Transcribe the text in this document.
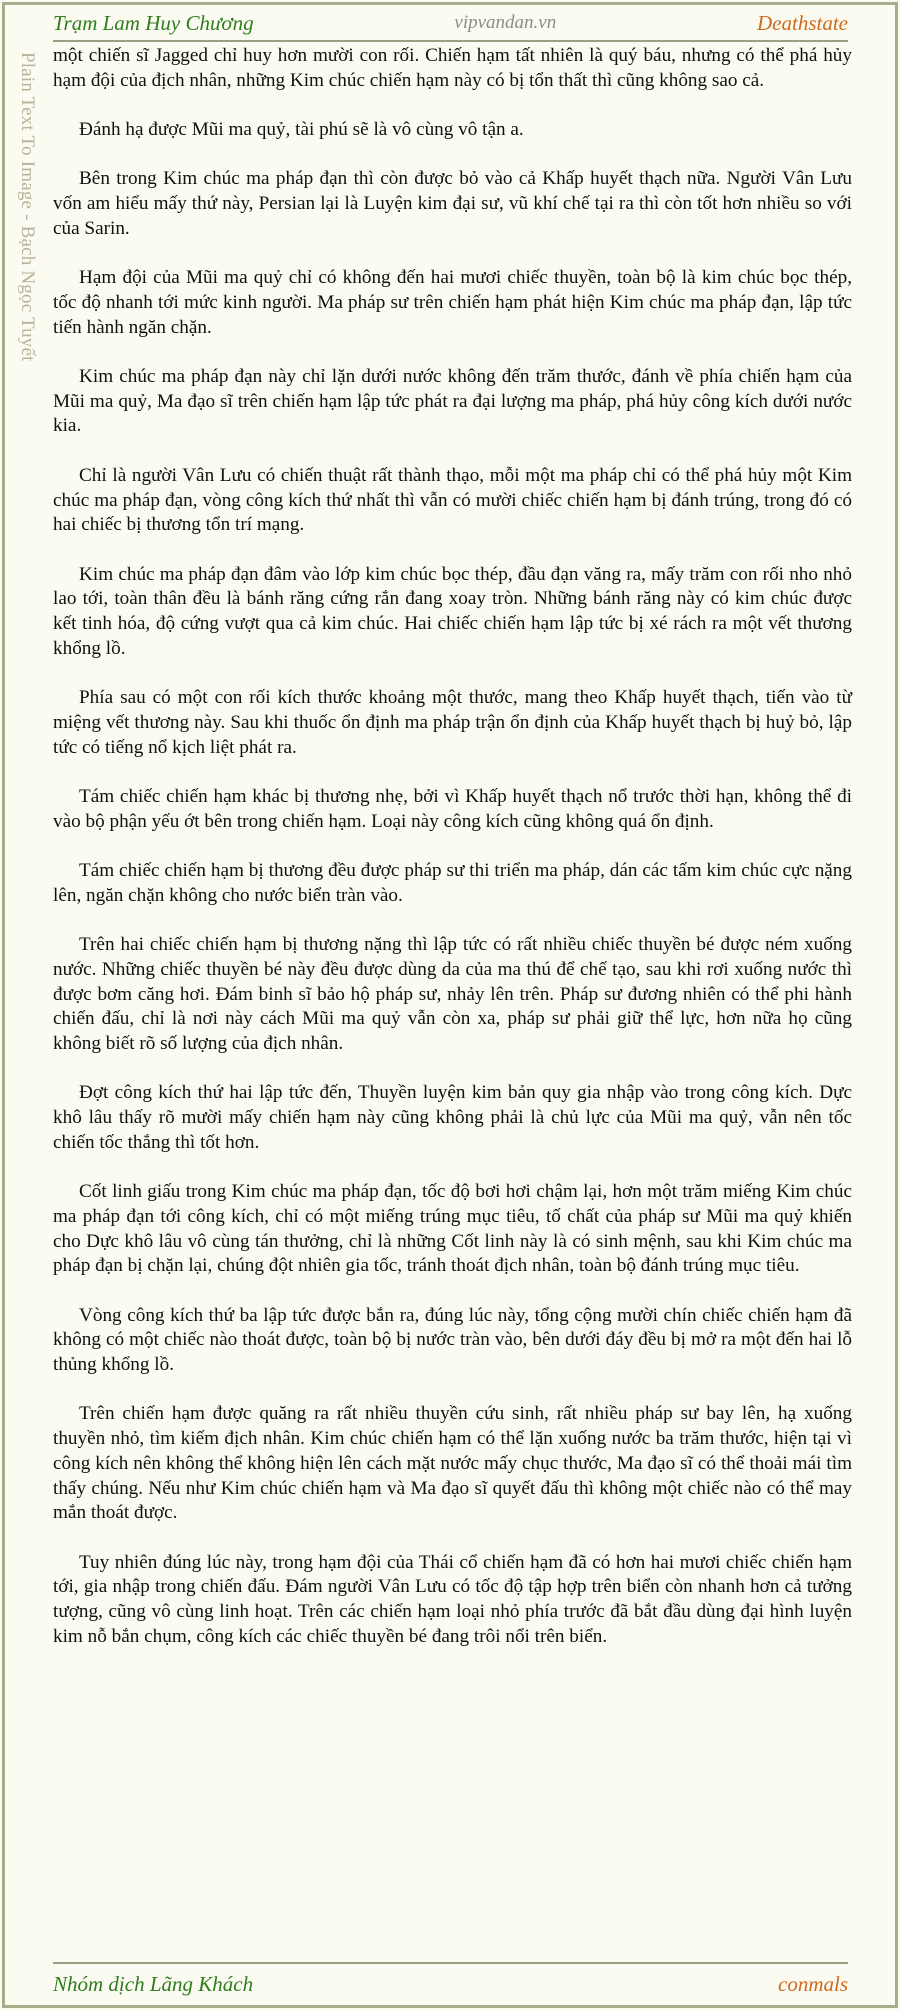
Trạm Lam Huy Chương	vipvandan.vn	Deathstate
Plain Text To Image - Bạch Ngọc Tuyết một chiến sĩ Jagged chỉ huy hơn mười con rối. Chiến hạm tất nhiên là quý báu, nhưng có thể phá hủy hạm đội của địch nhân, những Kim chúc chiến hạm này có bị tổn thất thì cũng không sao cả.

Đánh hạ được Mũi ma quỷ, tài phú sẽ là vô cùng vô tận a.

Bên trong Kim chúc ma pháp đạn thì còn được bỏ vào cả Khấp huyết thạch nữa. Người Vân Lưu vốn am hiểu mấy thứ này, Persian lại là Luyện kim đại sư, vũ khí chế tại ra thì còn tốt hơn nhiều so với của Sarin.

Hạm đội của Mũi ma quỷ chỉ có không đến hai mươi chiếc thuyền, toàn bộ là kim chúc bọc thép, tốc độ nhanh tới mức kinh người. Ma pháp sư trên chiến hạm phát hiện Kim chúc ma pháp đạn, lập tức tiến hành ngăn chặn.

Kim chúc ma pháp đạn này chỉ lặn dưới nước không đến trăm thước, đánh về phía chiến hạm của Mũi ma quỷ, Ma đạo sĩ trên chiến hạm lập tức phát ra đại lượng ma pháp, phá hủy công kích dưới nước kia.

Chỉ là người Vân Lưu có chiến thuật rất thành thạo, mỗi một ma pháp chỉ có thể phá hủy một Kim chúc ma pháp đạn, vòng công kích thứ nhất thì vẫn có mười chiếc chiến hạm bị đánh trúng, trong đó có hai chiếc bị thương tổn trí mạng.

Kim chúc ma pháp đạn đâm vào lớp kim chúc bọc thép, đầu đạn văng ra, mấy trăm con rối nho nhỏ lao tới, toàn thân đều là bánh răng cứng rắn đang xoay tròn. Những bánh răng này có kim chúc được kết tinh hóa, độ cứng vượt qua cả kim chúc. Hai chiếc chiến hạm lập tức bị xé rách ra một vết thương khổng lồ.

Phía sau có một con rối kích thước khoảng một thước, mang theo Khấp huyết thạch, tiến vào từ miệng vết thương này. Sau khi thuốc ổn định ma pháp trận ổn định của Khấp huyết thạch bị huỷ bỏ, lập tức có tiếng nổ kịch liệt phát ra.

Tám chiếc chiến hạm khác bị thương nhẹ, bởi vì Khấp huyết thạch nổ trước thời hạn, không thể đi vào bộ phận yếu ớt bên trong chiến hạm. Loại này công kích cũng không quá ổn định.

Tám chiếc chiến hạm bị thương đều được pháp sư thi triển ma pháp, dán các tấm kim chúc cực nặng lên, ngăn chặn không cho nước biển tràn vào.

Trên hai chiếc chiến hạm bị thương nặng thì lập tức có rất nhiều chiếc thuyền bé được ném xuống nước. Những chiếc thuyền bé này đều được dùng da của ma thú để chế tạo, sau khi rơi xuống nước thì được bơm căng hơi. Đám binh sĩ bảo hộ pháp sư, nhảy lên trên. Pháp sư đương nhiên có thể phi hành chiến đấu, chỉ là nơi này cách Mũi ma quỷ vẫn còn xa, pháp sư phải giữ thể lực, hơn nữa họ cũng không biết rõ số lượng của địch nhân.

Đợt công kích thứ hai lập tức đến, Thuyền luyện kim bản quy gia nhập vào trong công kích. Dực khô lâu thấy rõ mười mấy chiến hạm này cũng không phải là chủ lực của Mũi ma quỷ, vẫn nên tốc chiến tốc thắng thì tốt hơn.

Cốt linh giấu trong Kim chúc ma pháp đạn, tốc độ bơi hơi chậm lại, hơn một trăm miếng Kim chúc ma pháp đạn tới công kích, chỉ có một miếng trúng mục tiêu, tố chất của pháp sư Mũi ma quỷ khiến cho Dực khô lâu vô cùng tán thưởng, chỉ là những Cốt linh này là có sinh mệnh, sau khi Kim chúc ma pháp đạn bị chặn lại, chúng đột nhiên gia tốc, tránh thoát địch nhân, toàn bộ đánh trúng mục tiêu.

Vòng công kích thứ ba lập tức được bắn ra, đúng lúc này, tổng cộng mười chín chiếc chiến hạm đã không có một chiếc nào thoát được, toàn bộ bị nước tràn vào, bên dưới đáy đều bị mở ra một đến hai lỗ thủng khổng lồ.

Trên chiến hạm được quăng ra rất nhiều thuyền cứu sinh, rất nhiều pháp sư bay lên, hạ xuống thuyền nhỏ, tìm kiếm địch nhân. Kim chúc chiến hạm có thể lặn xuống nước ba trăm thước, hiện tại vì công kích nên không thể không hiện lên cách mặt nước mấy chục thước, Ma đạo sĩ có thể thoải mái tìm thấy chúng. Nếu như Kim chúc chiến hạm và Ma đạo sĩ quyết đấu thì không một chiếc nào có thể may mắn thoát được.

Tuy nhiên đúng lúc này, trong hạm đội của Thái cổ chiến hạm đã có hơn hai mươi chiếc chiến hạm tới, gia nhập trong chiến đấu. Đám người Vân Lưu có tốc độ tập hợp trên biển còn nhanh hơn cả tưởng tượng, cũng vô cùng linh hoạt. Trên các chiến hạm loại nhỏ phía trước đã bắt đầu dùng đại hình luyện kim nỗ bắn chụm, công kích các chiếc thuyền bé đang trôi nổi trên biển.

Nhóm dịch Lãng Khách	conmals
